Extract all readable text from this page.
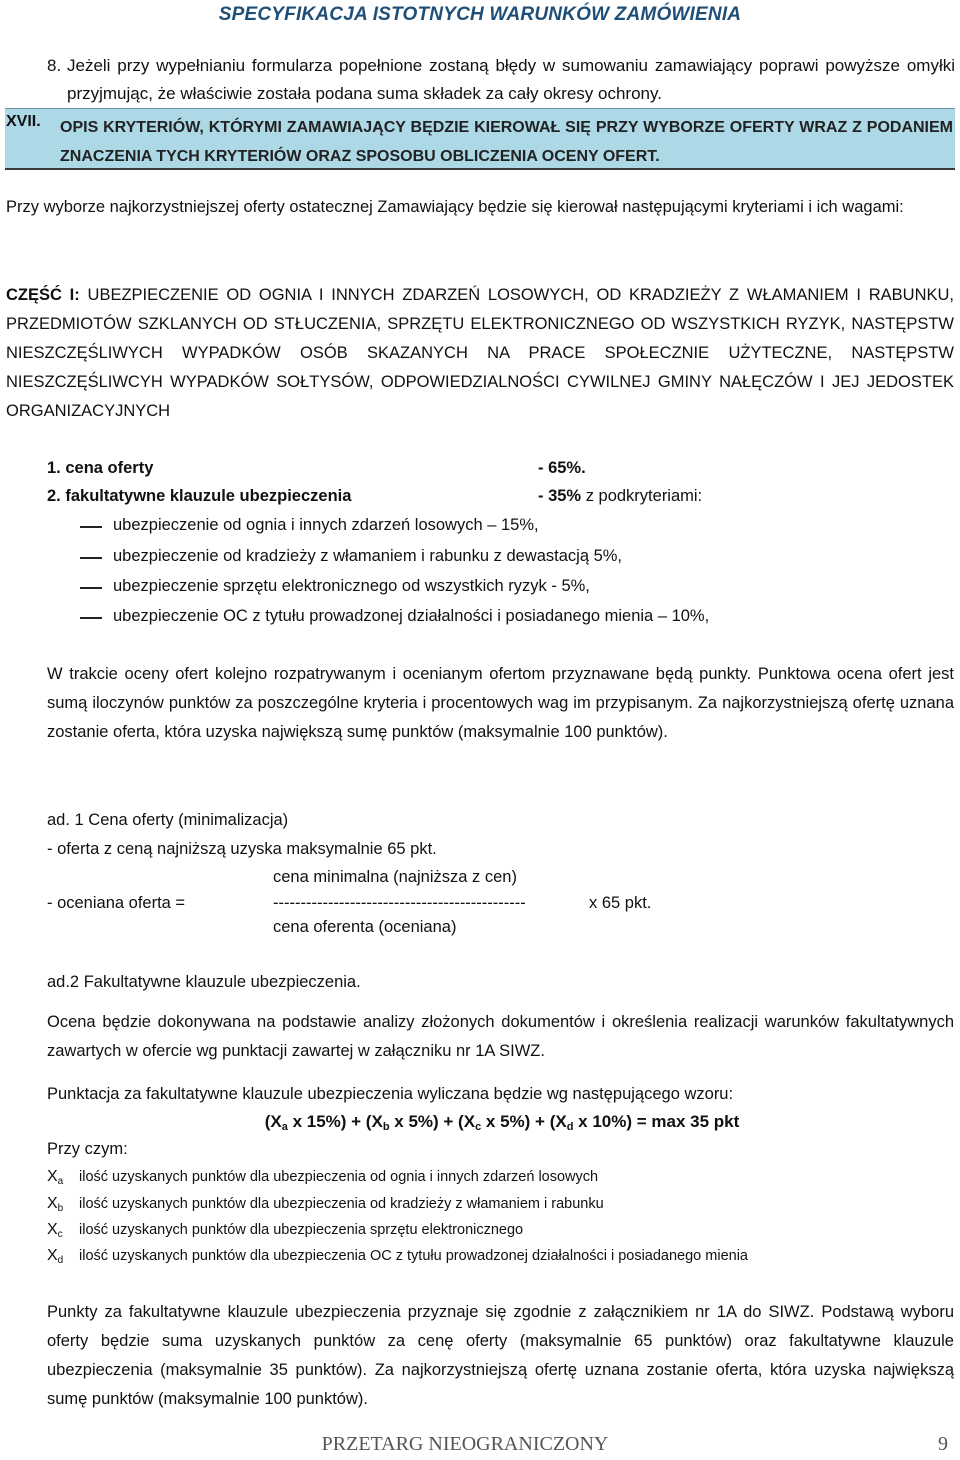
SPECYFIKACJA ISTOTNYCH WARUNKÓW ZAMÓWIENIA
8. Jeżeli przy wypełnianiu formularza popełnione zostaną błędy w sumowaniu zamawiający poprawi powyższe omyłki przyjmując, że właściwie została podana suma składek za cały okresy ochrony.
XVII. OPIS KRYTERIÓW, KTÓRYMI ZAMAWIAJĄCY BĘDZIE KIEROWAŁ SIĘ PRZY WYBORZE OFERTY WRAZ Z PODANIEM ZNACZENIA TYCH KRYTERIÓW ORAZ SPOSOBU OBLICZENIA OCENY OFERT.
Przy wyborze najkorzystniejszej oferty ostatecznej Zamawiający będzie się kierował następującymi kryteriami i ich wagami:
CZĘŚĆ I: UBEZPIECZENIE OD OGNIA I INNYCH ZDARZEŃ LOSOWYCH, OD KRADZIEŻY Z WŁAMANIEM I RABUNKU, PRZEDMIOTÓW SZKLANYCH OD STŁUCZENIA, SPRZĘTU ELEKTRONICZNEGO OD WSZYSTKICH RYZYK, NASTĘPSTW NIESZCZĘŚLIWYCH WYPADKÓW OSÓB SKAZANYCH NA PRACE SPOŁECZNIE UŻYTECZNE, NASTĘPSTW NIESZCZĘŚLIWCYH WYPADKÓW SOŁTYSÓW, ODPOWIEDZIALNOŚCI CYWILNEJ GMINY NAŁĘCZÓW I JEJ JEDOSTEK ORGANIZACYJNYCH
1. cena oferty	- 65%.
2. fakultatywne klauzule ubezpieczenia	- 35% z podkryteriami:
ubezpieczenie od ognia i innych zdarzeń losowych – 15%,
ubezpieczenie od kradzieży z włamaniem i rabunku z dewastacją 5%,
ubezpieczenie sprzętu elektronicznego od wszystkich ryzyk - 5%,
ubezpieczenie OC z tytułu prowadzonej działalności i posiadanego mienia – 10%,
W trakcie oceny ofert kolejno rozpatrywanym i ocenianym ofertom przyznawane będą punkty. Punktowa ocena ofert jest sumą iloczynów punktów za poszczególne kryteria i procentowych wag im przypisanym. Za najkorzystniejszą ofertę uznana zostanie oferta, która uzyska największą sumę punktów (maksymalnie 100 punktów).
ad. 1 Cena oferty (minimalizacja)
- oferta z ceną najniższą uzyska maksymalnie 65 pkt.
cena minimalna (najniższa z cen)
- oceniana oferta =	----------------------------------------------	x 65 pkt.
cena oferenta (oceniana)
ad.2 Fakultatywne klauzule ubezpieczenia.
Ocena będzie dokonywana na podstawie analizy złożonych dokumentów i określenia realizacji warunków fakultatywnych zawartych w ofercie wg punktacji zawartej w załączniku nr 1A SIWZ.
Punktacja za fakultatywne klauzule ubezpieczenia wyliczana będzie wg następującego wzoru:
($X_a$ x $15\%) + (X_b$ x $5\%) + (X_c$ x $5\%) + (X_d$ x 10%) = max 35 pkt
Przy czym:
$X_a$ ilość uzyskanych punktów dla ubezpieczenia od ognia i innych zdarzeń losowych
$X_b$ ilość uzyskanych punktów dla ubezpieczenia od kradzieży z włamaniem i rabunku
$X_c$ ilość uzyskanych punktów dla ubezpieczenia sprzętu elektronicznego
$X_d$ ilość uzyskanych punktów dla ubezpieczenia OC z tytułu prowadzonej działalności i posiadanego mienia
Punkty za fakultatywne klauzule ubezpieczenia przyznaje się zgodnie z załącznikiem nr 1A do SIWZ. Podstawą wyboru oferty będzie suma uzyskanych punktów za cenę oferty (maksymalnie 65 punktów) oraz fakultatywne klauzule ubezpieczenia (maksymalnie 35 punktów). Za najkorzystniejszą ofertę uznana zostanie oferta, która uzyska największą sumę punktów (maksymalnie 100 punktów).
PRZETARG NIEOGRANICZONY	9
